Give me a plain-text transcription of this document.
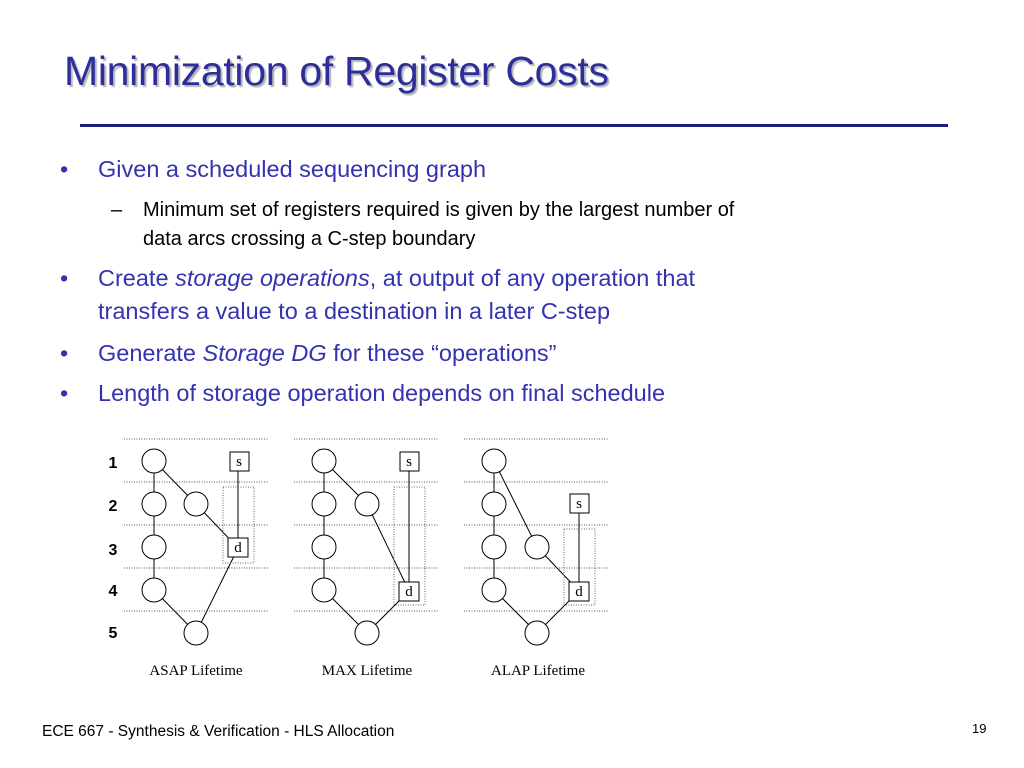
Minimization of Register Costs
• Given a scheduled sequencing graph
– Minimum set of registers required is given by the largest number of
data arcs crossing a C-step boundary
• Create storage operations, at output of any operation that
transfers a value to a destination in a later C-step
• Generate Storage DG for these “operations”
• Length of storage operation depends on final schedule
1
2
3
4
5
s
d
s
d
s
d
ASAP Lifetime	MAX Lifetime	ALAP Lifetime
ECE 667 - Synthesis & Verification - HLS Allocation	19
